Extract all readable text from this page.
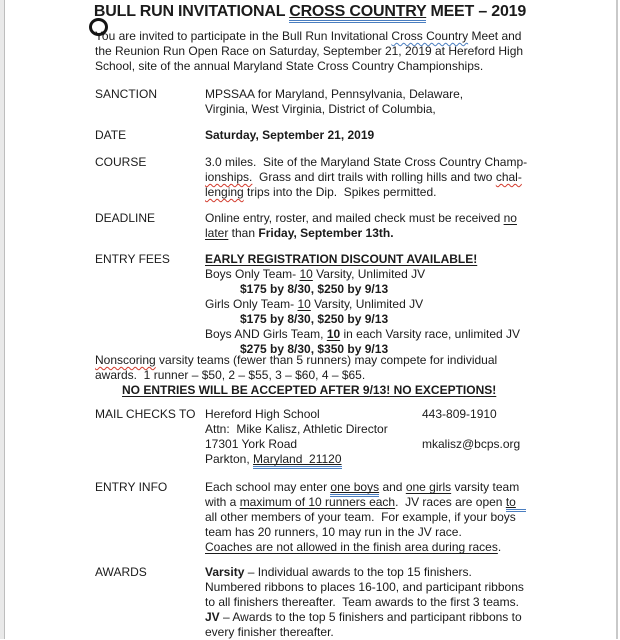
BULL RUN INVITATIONAL CROSS COUNTRY MEET – 2019
You are invited to participate in the Bull Run Invitational Cross Country Meet and
the Reunion Run Open Race on Saturday, September 21, 2019 at Hereford High
School, site of the annual Maryland State Cross Country Championships.
SANCTION	MPSSAA for Maryland, Pennsylvania, Delaware,
Virginia, West Virginia, District of Columbia,
DATE	Saturday, September 21, 2019
COURSE	3.0 miles.  Site of the Maryland State Cross Country Champ-
ionships.  Grass and dirt trails with rolling hills and two chal-
lenging trips into the Dip.  Spikes permitted.
DEADLINE	Online entry, roster, and mailed check must be received no
later than Friday, September 13th.
ENTRY FEES	EARLY REGISTRATION DISCOUNT AVAILABLE!
Boys Only Team- 10 Varsity, Unlimited JV
$175 by 8/30, $250 by 9/13
Girls Only Team- 10 Varsity, Unlimited JV
$175 by 8/30, $250 by 9/13
Boys AND Girls Team, 10 in each Varsity race, unlimited JV
$275 by 8/30, $350 by 9/13
Nonscoring varsity teams (fewer than 5 runners) may compete for individual
awards.  1 runner – $50, 2 – $55, 3 – $60, 4 – $65.
NO ENTRIES WILL BE ACCEPTED AFTER 9/13! NO EXCEPTIONS!
MAIL CHECKS TO Hereford High School	443-809-1910
Attn:  Mike Kalisz, Athletic Director
17301 York Road	mkalisz@bcps.org
Parkton, Maryland  21120
ENTRY INFO	Each school may enter one boys and one girls varsity team
with a maximum of 10 runners each.  JV races are open to
all other members of your team.  For example, if your boys
team has 20 runners, 10 may run in the JV race.
Coaches are not allowed in the finish area during races.
AWARDS	Varsity – Individual awards to the top 15 finishers.
Numbered ribbons to places 16-100, and participant ribbons
to all finishers thereafter.  Team awards to the first 3 teams.
JV – Awards to the top 5 finishers and participant ribbons to
every finisher thereafter.
